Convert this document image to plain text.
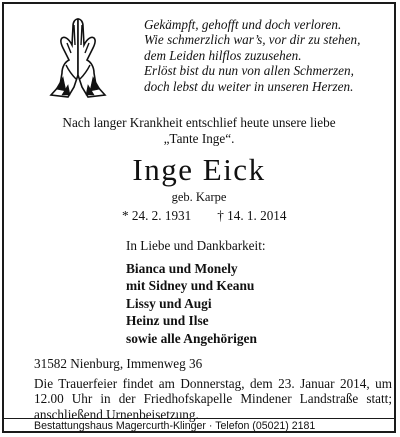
Gekämpft, gehofft und doch verloren.
Wie schmerzlich war’s, vor dir zu stehen,
dem Leiden hilflos zuzusehen.
Erlöst bist du nun von allen Schmerzen,
doch lebst du weiter in unseren Herzen.
Nach langer Krankheit entschlief heute unsere liebe
„Tante Inge“.
Inge Eick
geb. Karpe
* 24. 2. 1931 † 14. 1. 2014
In Liebe und Dankbarkeit:
Bianca und Monely
mit Sidney und Keanu
Lissy und Augi
Heinz und Ilse
sowie alle Angehörigen
31582 Nienburg, Immenweg 36
Die Trauerfeier findet am Donnerstag, dem 23. Januar 2014, um 12.00 Uhr in der Friedhofskapelle Mindener Landstraße statt; anschließend Urnenbeisetzung.
Bestattungshaus Magercurth-Klinger · Telefon (05021) 2181
